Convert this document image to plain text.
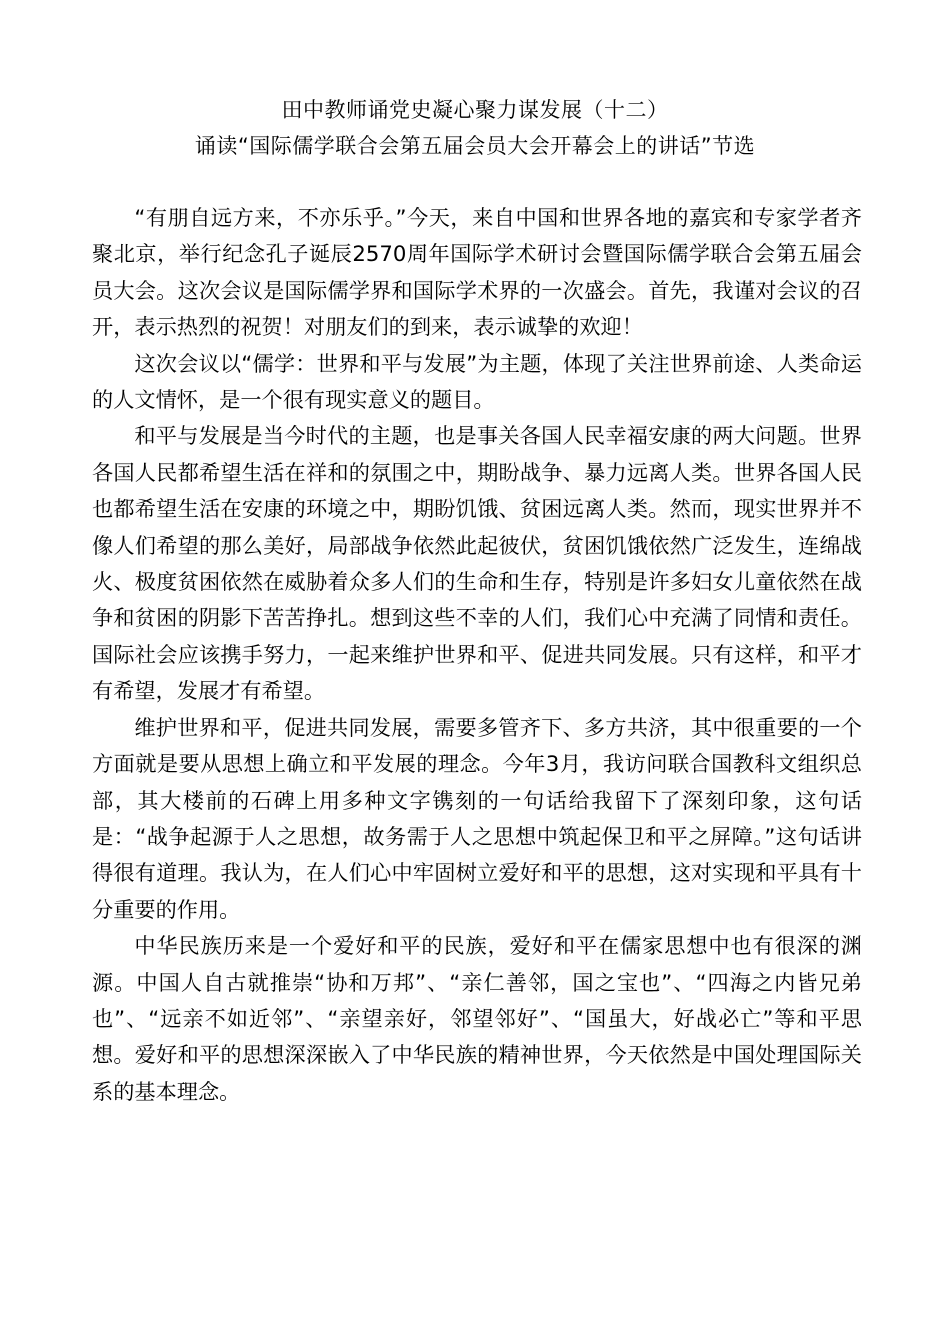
田中教师诵党史凝心聚力谋发展（十二）
诵读“国际儒学联合会第五届会员大会开幕会上的讲话”节选

“有朋自远方来，不亦乐乎。”今天，来自中国和世界各地的嘉宾和专家学者齐聚北京，举行纪念孔子诞辰2570周年国际学术研讨会暨国际儒学联合会第五届会员大会。这次会议是国际儒学界和国际学术界的一次盛会。首先，我谨对会议的召开，表示热烈的祝贺！对朋友们的到来，表示诚挚的欢迎！

这次会议以“儒学：世界和平与发展”为主题，体现了关注世界前途、人类命运的人文情怀，是一个很有现实意义的题目。

和平与发展是当今时代的主题，也是事关各国人民幸福安康的两大问题。世界各国人民都希望生活在祥和的氛围之中，期盼战争、暴力远离人类。世界各国人民也都希望生活在安康的环境之中，期盼饥饿、贫困远离人类。然而，现实世界并不像人们希望的那么美好，局部战争依然此起彼伏，贫困饥饿依然广泛发生，连绵战火、极度贫困依然在威胁着众多人们的生命和生存，特别是许多妇女儿童依然在战争和贫困的阴影下苦苦挣扎。想到这些不幸的人们，我们心中充满了同情和责任。国际社会应该携手努力，一起来维护世界和平、促进共同发展。只有这样，和平才有希望，发展才有希望。

维护世界和平，促进共同发展，需要多管齐下、多方共济，其中很重要的一个方面就是要从思想上确立和平发展的理念。今年3月，我访问联合国教科文组织总部，其大楼前的石碑上用多种文字镌刻的一句话给我留下了深刻印象，这句话是：“战争起源于人之思想，故务需于人之思想中筑起保卫和平之屏障。”这句话讲得很有道理。我认为，在人们心中牢固树立爱好和平的思想，这对实现和平具有十分重要的作用。

中华民族历来是一个爱好和平的民族，爱好和平在儒家思想中也有很深的渊源。中国人自古就推崇“协和万邦”、“亲仁善邻，国之宝也”、“四海之内皆兄弟也”、“远亲不如近邻”、“亲望亲好，邻望邻好”、“国虽大，好战必亡”等和平思想。爱好和平的思想深深嵌入了中华民族的精神世界，今天依然是中国处理国际关系的基本理念。
